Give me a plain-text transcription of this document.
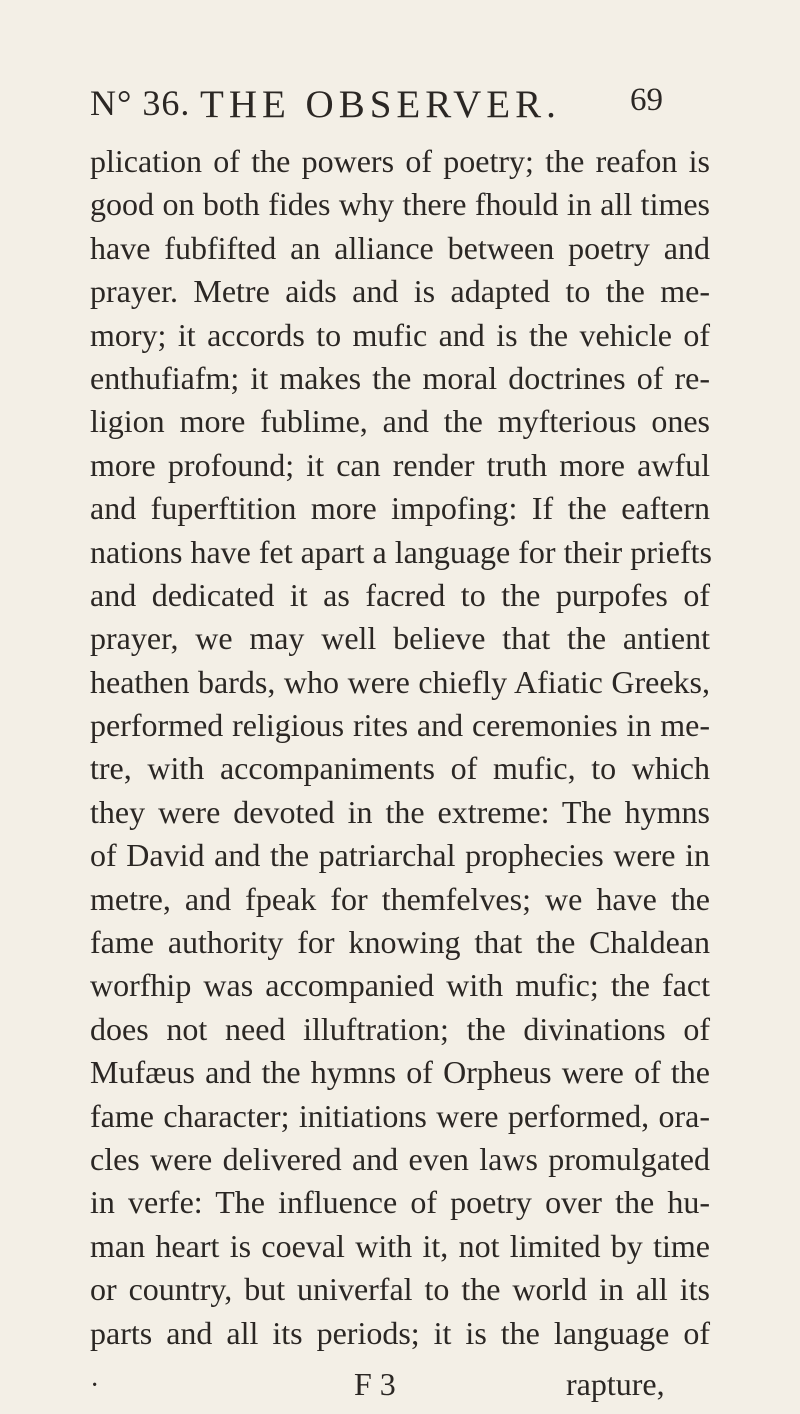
N° 36. THE OBSERVER. 69
plication of the powers of poetry; the reafon is
good on both fides why there fhould in all times
have fubfifted an alliance between poetry and
prayer. Metre aids and is adapted to the me-
mory; it accords to mufic and is the vehicle of
enthufiafm; it makes the moral doctrines of re-
ligion more fublime, and the myfterious ones
more profound; it can render truth more awful
and fuperftition more impofing: If the eaftern
nations have fet apart a language for their priefts
and dedicated it as facred to the purpofes of
prayer, we may well believe that the antient
heathen bards, who were chiefly Afiatic Greeks,
performed religious rites and ceremonies in me-
tre, with accompaniments of mufic, to which
they were devoted in the extreme: The hymns
of David and the patriarchal prophecies were in
metre, and fpeak for themfelves; we have the
fame authority for knowing that the Chaldean
worfhip was accompanied with mufic; the fact
does not need illuftration; the divinations of
Mufæus and the hymns of Orpheus were of the
fame character; initiations were performed, ora-
cles were delivered and even laws promulgated
in verfe: The influence of poetry over the hu-
man heart is coeval with it, not limited by time
or country, but univerfal to the world in all its
parts and all its periods; it is the language of
·	F 3	rapture,
